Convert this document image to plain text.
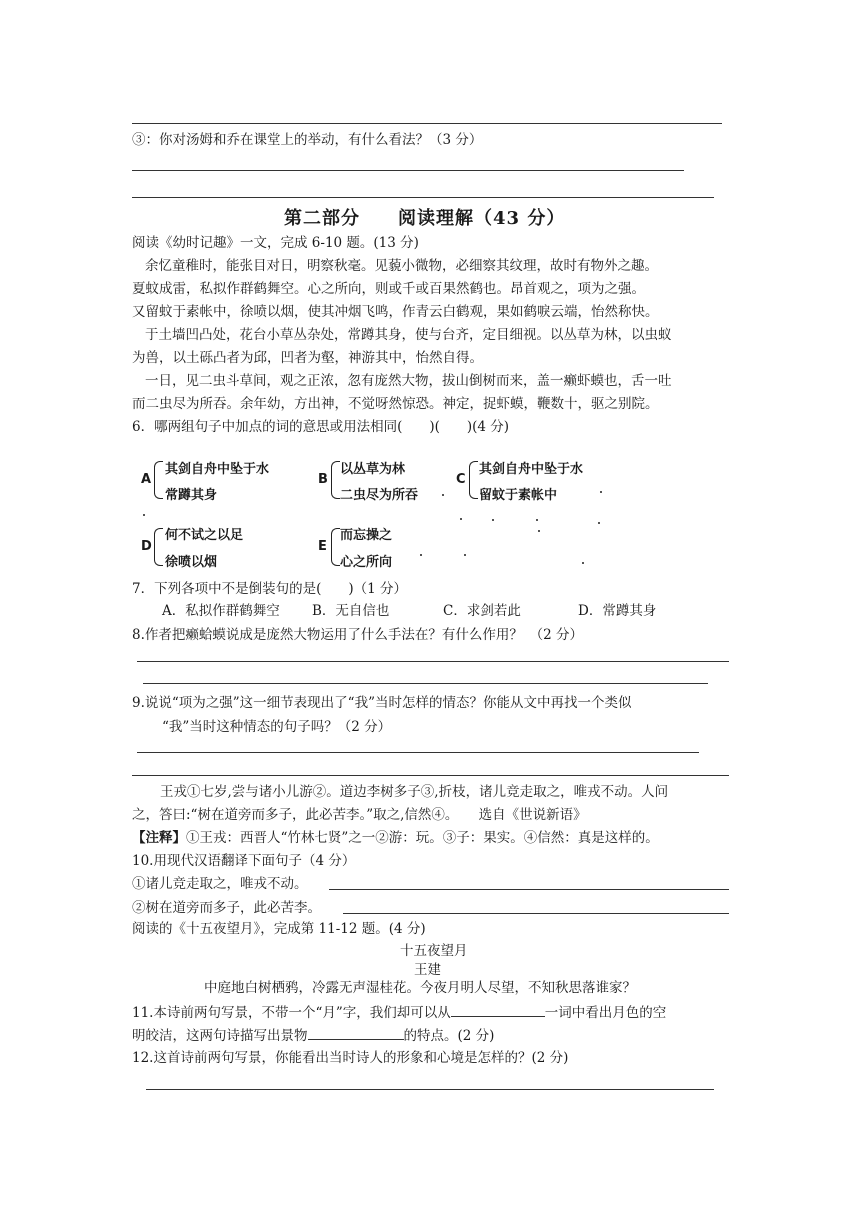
③：你对汤姆和乔在课堂上的举动，有什么看法？（3 分）
第二部分　　阅读理解（43 分）
阅读《幼时记趣》一文，完成 6-10 题。(13 分)
余忆童稚时，能张目对日，明察秋毫。见藐小微物，必细察其纹理，故时有物外之趣。
夏蚊成雷，私拟作群鹤舞空。心之所向，则或千或百果然鹤也。昂首观之，项为之强。
又留蚊于素帐中，徐喷以烟，使其冲烟飞鸣，作青云白鹤观，果如鹤唳云端，怡然称快。
于土墙凹凸处，花台小草丛杂处，常蹲其身，使与台齐，定目细视。以丛草为林，以虫蚁
为兽，以土砾凸者为邱，凹者为壑，神游其中，怡然自得。
一日，见二虫斗草间，观之正浓，忽有庞然大物，拔山倒树而来，盖一癞虾蟆也，舌一吐
而二虫尽为所吞。余年幼，方出神，不觉呀然惊恐。神定，捉虾蟆，鞭数十，驱之别院。
6．哪两组句子中加点的词的意思或用法相同(　　)(　　)(4 分)
A
其剑自舟中坠于水
常蹲其身
B
以丛草为林
二虫尽为所吞
C
其剑自舟中坠于水
留蚊于素帐中
D
何不试之以足
徐喷以烟
E
而忘操之
心之所向
7．下列各项中不是倒装句的是(　　)（1 分）
A．私拟作群鹤舞空 B．无自信也	C．求剑若此	D．常蹲其身
8.作者把癞蛤蟆说成是庞然大物运用了什么手法在？有什么作用？　（2 分）
9.说说“项为之强”这一细节表现出了“我”当时怎样的情态？你能从文中再找一个类似
“我”当时这种情态的句子吗？（2 分）
王戎①七岁,尝与诸小儿游②。道边李树多子③,折枝，诸儿竞走取之，唯戎不动。人问
之，答曰:“树在道旁而多子，此必苦李。”取之,信然④。　　选自《世说新语》
【注释】①王戎：西晋人“竹林七贤”之一②游：玩。③子：果实。④信然：真是这样的。
10.用现代汉语翻译下面句子（4 分）
①诸儿竞走取之，唯戎不动。
②树在道旁而多子，此必苦李。
阅读的《十五夜望月》，完成第 11-12 题。(4 分)
十五夜望月
王建
中庭地白树栖鸦，冷露无声湿桂花。今夜月明人尽望，不知秋思落谁家？
11.本诗前两句写景，不带一个“月”字，我们却可以从	一词中看出月色的空
明皎洁，这两句诗描写出景物	的特点。(2 分)
12.这首诗前两句写景，你能看出当时诗人的形象和心境是怎样的？(2 分)
